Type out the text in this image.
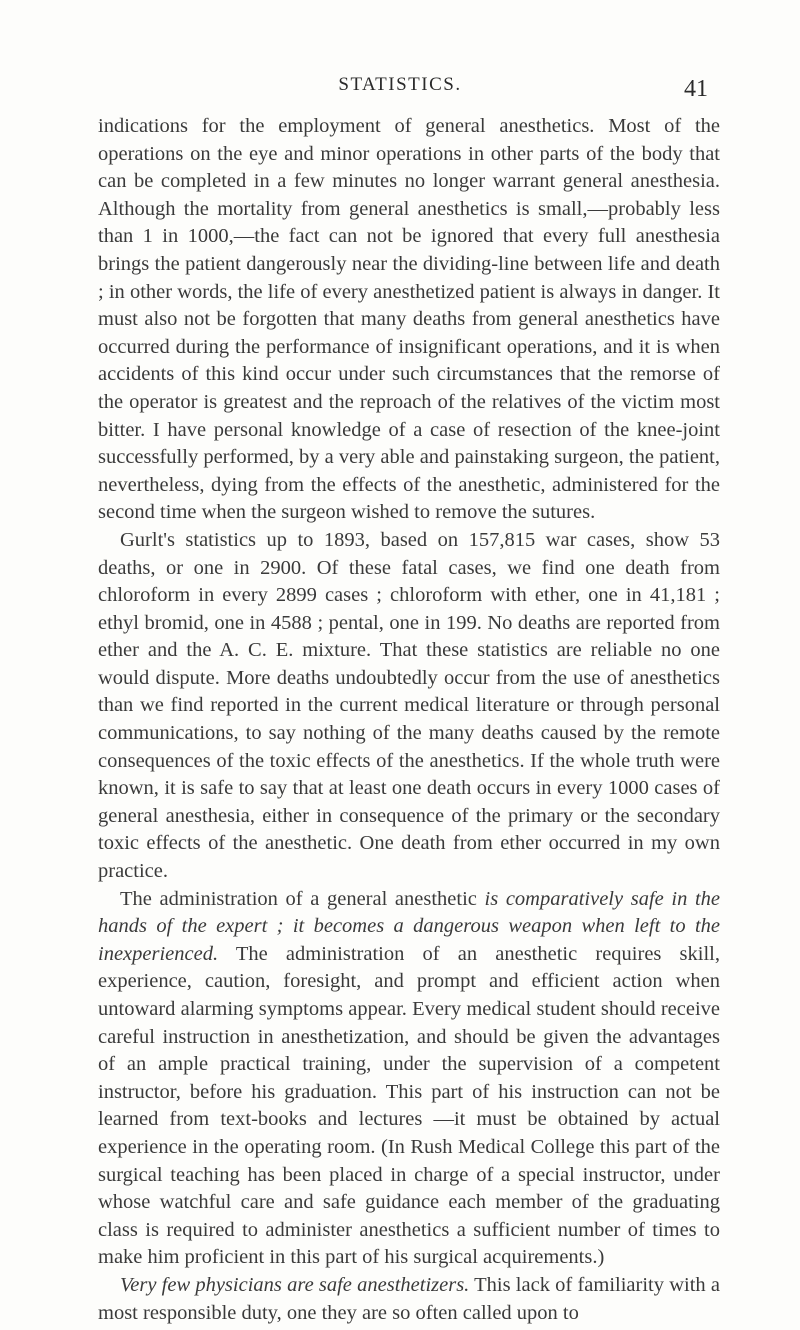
STATISTICS.	41

indications for the employment of general anesthetics. Most of the operations on the eye and minor operations in other parts of the body that can be completed in a few minutes no longer warrant general anesthesia. Although the mortality from general anesthetics is small,—probably less than 1 in 1000,—the fact can not be ignored that every full anesthesia brings the patient dangerously near the dividing-line between life and death ; in other words, the life of every anesthetized patient is always in danger. It must also not be forgotten that many deaths from general anesthetics have occurred during the performance of insignificant operations, and it is when accidents of this kind occur under such circumstances that the remorse of the operator is greatest and the reproach of the relatives of the victim most bitter. I have personal knowledge of a case of resection of the knee-joint successfully performed, by a very able and painstaking surgeon, the patient, nevertheless, dying from the effects of the anesthetic, administered for the second time when the surgeon wished to remove the sutures.

Gurlt's statistics up to 1893, based on 157,815 war cases, show 53 deaths, or one in 2900. Of these fatal cases, we find one death from chloroform in every 2899 cases ; chloroform with ether, one in 41,181 ; ethyl bromid, one in 4588 ; pental, one in 199. No deaths are reported from ether and the A. C. E. mixture. That these statistics are reliable no one would dispute. More deaths undoubtedly occur from the use of anesthetics than we find reported in the current medical literature or through personal communications, to say nothing of the many deaths caused by the remote consequences of the toxic effects of the anesthetics. If the whole truth were known, it is safe to say that at least one death occurs in every 1000 cases of general anesthesia, either in consequence of the primary or the secondary toxic effects of the anesthetic. One death from ether occurred in my own practice.

The administration of a general anesthetic is comparatively safe in the hands of the expert ; it becomes a dangerous weapon when left to the inexperienced. The administration of an anesthetic requires skill, experience, caution, foresight, and prompt and efficient action when untoward alarming symptoms appear. Every medical student should receive careful instruction in anesthetization, and should be given the advantages of an ample practical training, under the supervision of a competent instructor, before his graduation. This part of his instruction can not be learned from text-books and lectures —it must be obtained by actual experience in the operating room. (In Rush Medical College this part of the surgical teaching has been placed in charge of a special instructor, under whose watchful care and safe guidance each member of the graduating class is required to administer anesthetics a sufficient number of times to make him proficient in this part of his surgical acquirements.)

Very few physicians are safe anesthetizers. This lack of familiarity with a most responsible duty, one they are so often called upon to
